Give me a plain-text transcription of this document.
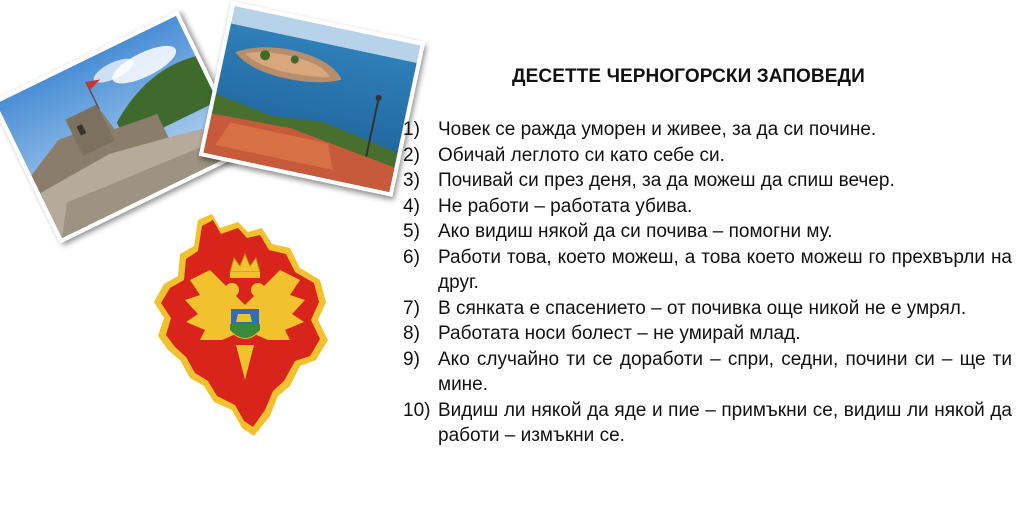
ДЕСЕТТЕ ЧЕРНОГОРСКИ ЗАПОВЕДИ
1) Човек се ражда уморен и живее, за да си почине.
2) Обичай леглото си като себе си.
3) Почивай си през деня, за да можеш да спиш вечер.
4) Не работи – работата убива.
5) Ако видиш някой да си почива – помогни му.
6) Работи това, което можеш, а това което можеш го прехвърли на друг.
7) В сянката е спасението – от почивка още никой не е умрял.
8) Работата носи болест – не умирай млад.
9) Ако случайно ти се доработи – спри, седни, почини си – ще ти мине.
10) Видиш ли някой да яде и пие – примъкни се, видиш ли някой да работи – измъкни се.
